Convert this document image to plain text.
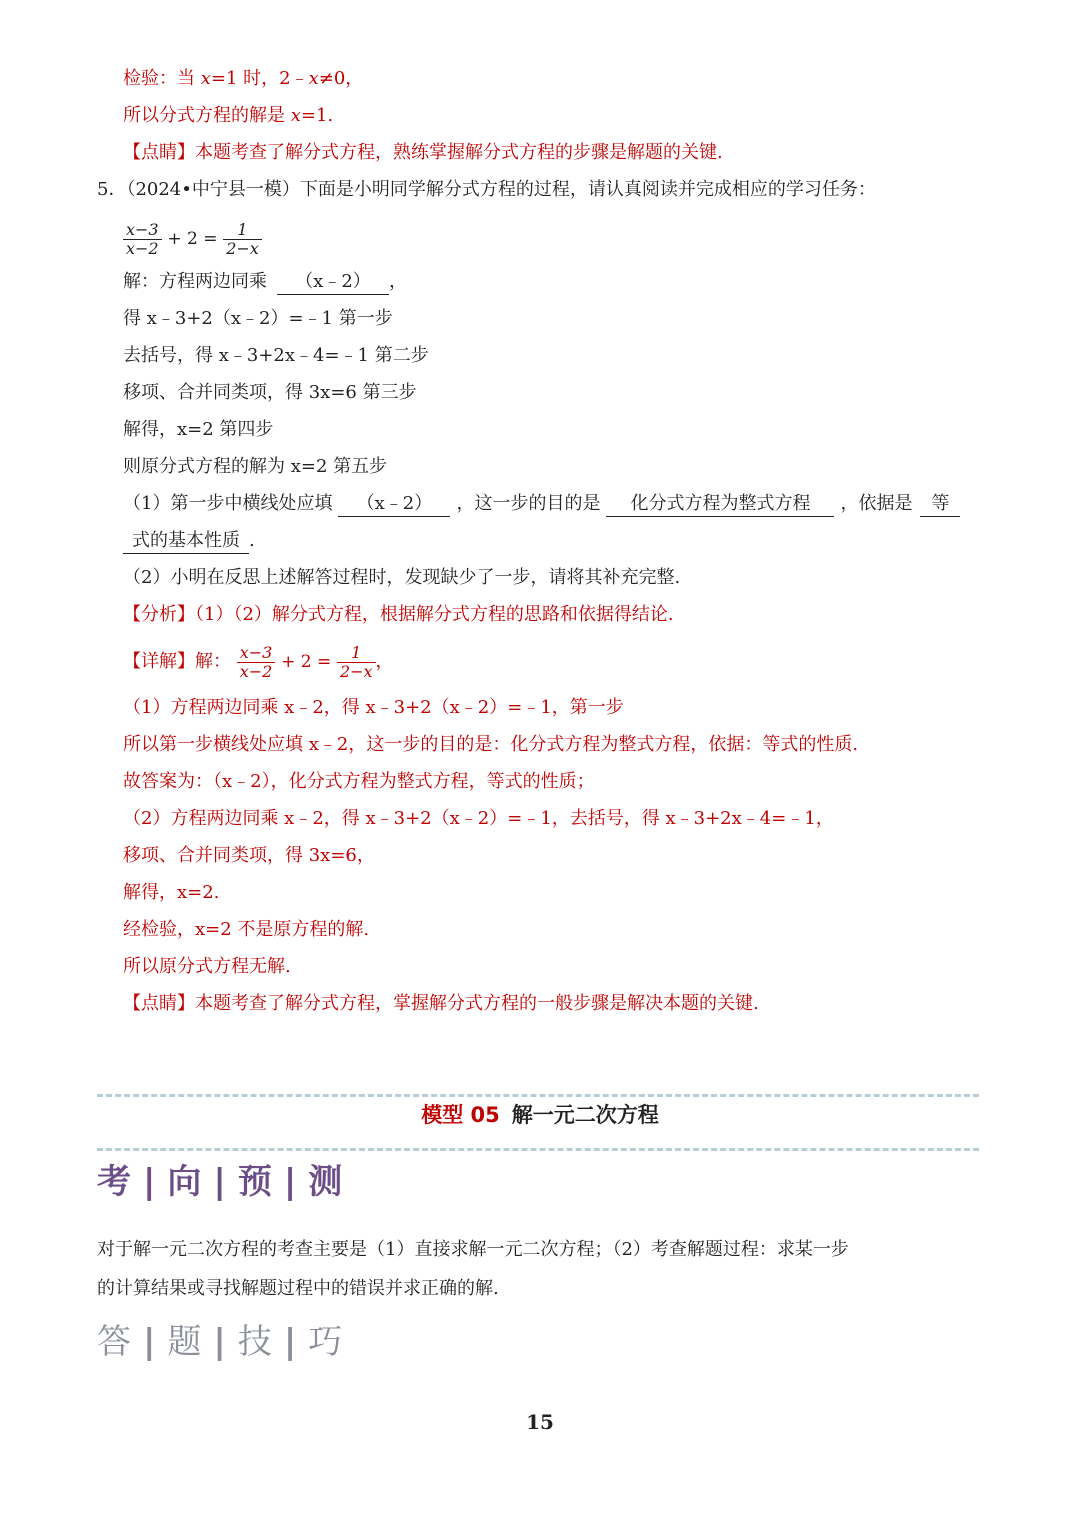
检验：当 x=1 时，2﹣x≠0，
所以分式方程的解是 x=1.
【点睛】本题考查了解分式方程，熟练掌握解分式方程的步骤是解题的关键.
5．（2024•中宁县一模）下面是小明同学解分式方程的过程，请认真阅读并完成相应的学习任务：
$\frac{x-3}{x-2} + 2 = \frac{1}{2-x}$
解：方程两边同乘 （x﹣2） ，
得 x﹣3+2（x﹣2）=﹣1 第一步
去括号，得 x﹣3+2x﹣4=﹣1 第二步
移项、合并同类项，得 3x=6 第三步
解得，x=2 第四步
则原分式方程的解为 x=2 第五步
（1）第一步中横线处应填 （x﹣2） ，这一步的目的是 化分式方程为整式方程 ，依据是 等
式的基本性质 .
（2）小明在反思上述解答过程时，发现缺少了一步，请将其补充完整.
【分析】（1）（2）解分式方程，根据解分式方程的思路和依据得结论.
【详解】解： $\frac{x-3}{x-2} + 2 = \frac{1}{2-x}$ ，
（1）方程两边同乘 x﹣2，得 x﹣3+2（x﹣2）=﹣1，第一步
所以第一步横线处应填 x﹣2，这一步的目的是：化分式方程为整式方程，依据：等式的性质.
故答案为：（x﹣2），化分式方程为整式方程，等式的性质；
（2）方程两边同乘 x﹣2，得 x﹣3+2（x﹣2）=﹣1，去括号，得 x﹣3+2x﹣4=﹣1，
移项、合并同类项，得 3x=6，
解得，x=2.
经检验，x=2 不是原方程的解.
所以原分式方程无解.
【点睛】本题考查了解分式方程，掌握解分式方程的一般步骤是解决本题的关键.
模型 05 解一元二次方程
考 | 向 | 预 | 测
对于解一元二次方程的考查主要是（1）直接求解一元二次方程；（2）考查解题过程：求某一步
的计算结果或寻找解题过程中的错误并求正确的解.
答 | 题 | 技 | 巧
15
